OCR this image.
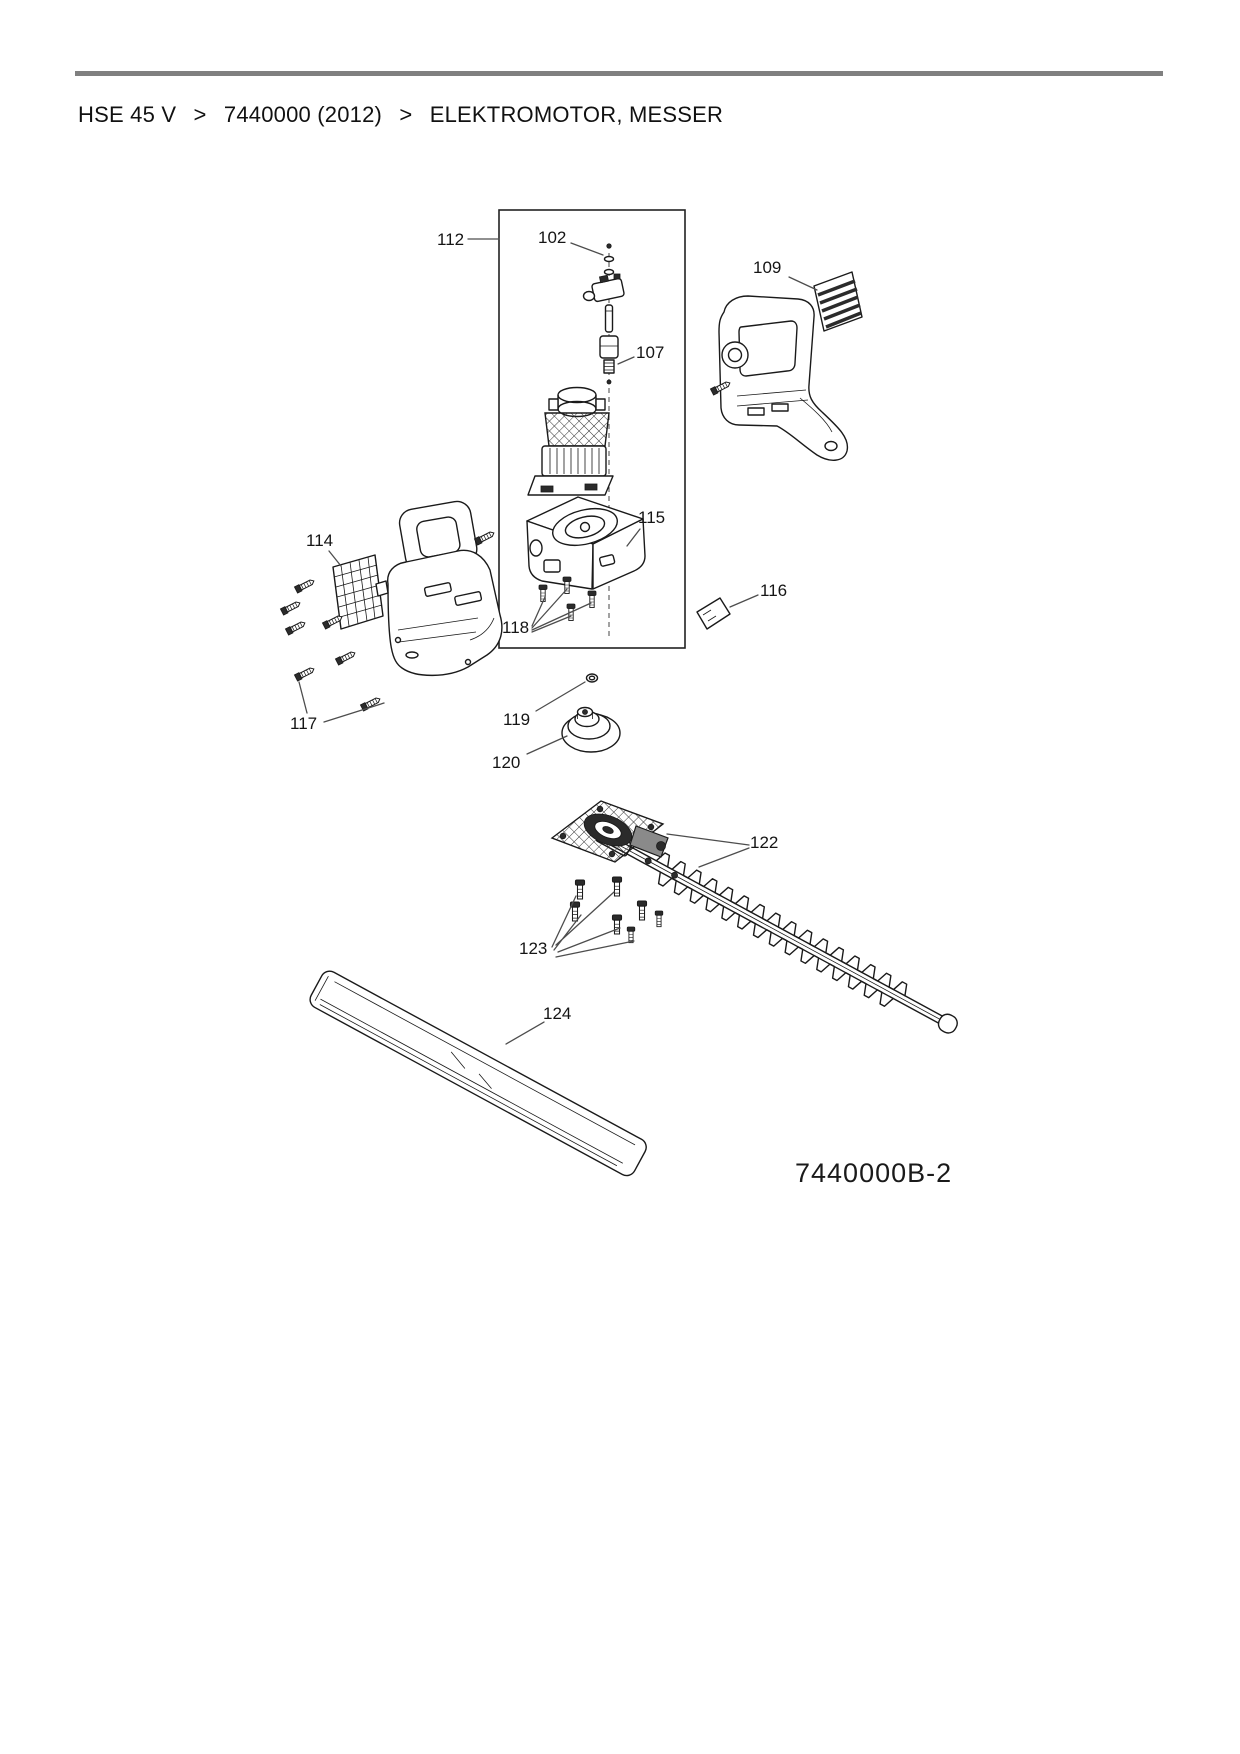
HSE 45 V > 7440000 (2012) > ELEKTROMOTOR, MESSER
112	102
107
109
114
115
116
117
118
119
120
122
123
124
7440000B-2
